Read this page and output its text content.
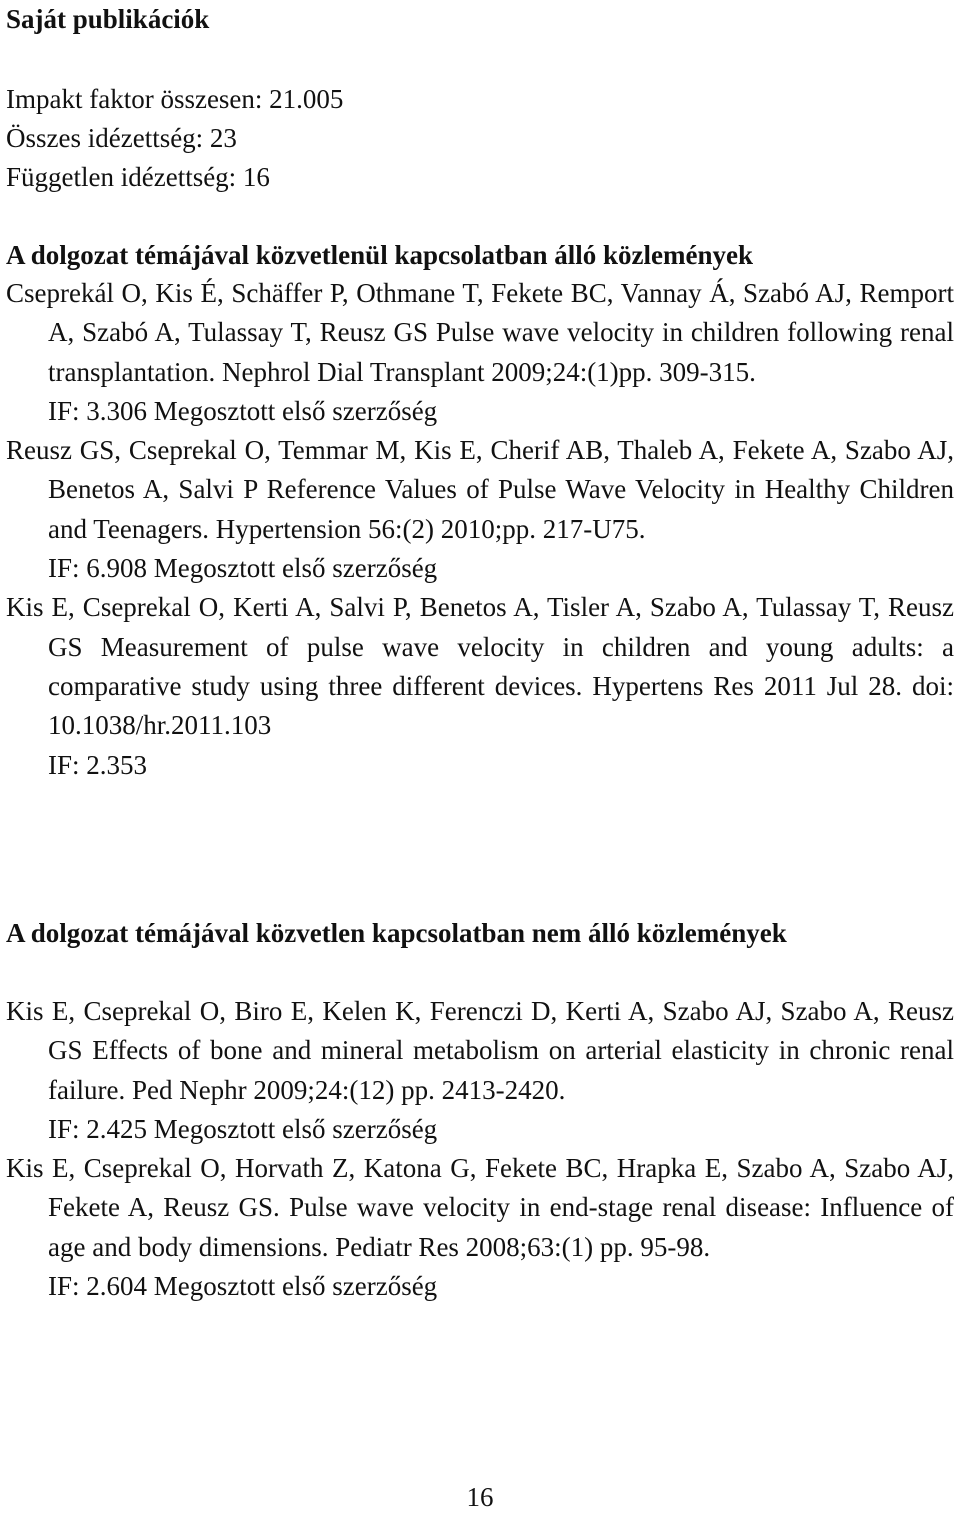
Saját publikációk
Impakt faktor összesen: 21.005
Összes idézettség: 23
Független idézettség: 16
A dolgozat témájával közvetlenül kapcsolatban álló közlemények

Cseprekál O, Kis É, Schäffer P, Othmane T, Fekete BC, Vannay Á, Szabó AJ, Remport A, Szabó A, Tulassay T, Reusz GS Pulse wave velocity in children following renal transplantation. Nephrol Dial Transplant 2009;24:(1)pp. 309-315.

IF: 3.306 Megosztott első szerzőség

Reusz GS, Cseprekal O, Temmar M, Kis E, Cherif AB, Thaleb A, Fekete A, Szabo AJ, Benetos A, Salvi P Reference Values of Pulse Wave Velocity in Healthy Children and Teenagers. Hypertension 56:(2) 2010;pp. 217-U75.

IF: 6.908 Megosztott első szerzőség

Kis E, Cseprekal O, Kerti A, Salvi P, Benetos A, Tisler A, Szabo A, Tulassay T, Reusz GS Measurement of pulse wave velocity in children and young adults: a comparative study using three different devices. Hypertens Res 2011 Jul 28. doi: 10.1038/hr.2011.103

IF: 2.353

A dolgozat témájával közvetlen kapcsolatban nem álló közlemények

Kis E, Cseprekal O, Biro E, Kelen K, Ferenczi D, Kerti A, Szabo AJ, Szabo A, Reusz GS Effects of bone and mineral metabolism on arterial elasticity in chronic renal failure. Ped Nephr 2009;24:(12) pp. 2413-2420.

IF: 2.425 Megosztott első szerzőség

Kis E, Cseprekal O, Horvath Z, Katona G, Fekete BC, Hrapka E, Szabo A, Szabo AJ, Fekete A, Reusz GS. Pulse wave velocity in end-stage renal disease: Influence of age and body dimensions. Pediatr Res 2008;63:(1) pp. 95-98.

IF: 2.604 Megosztott első szerzőség

16
